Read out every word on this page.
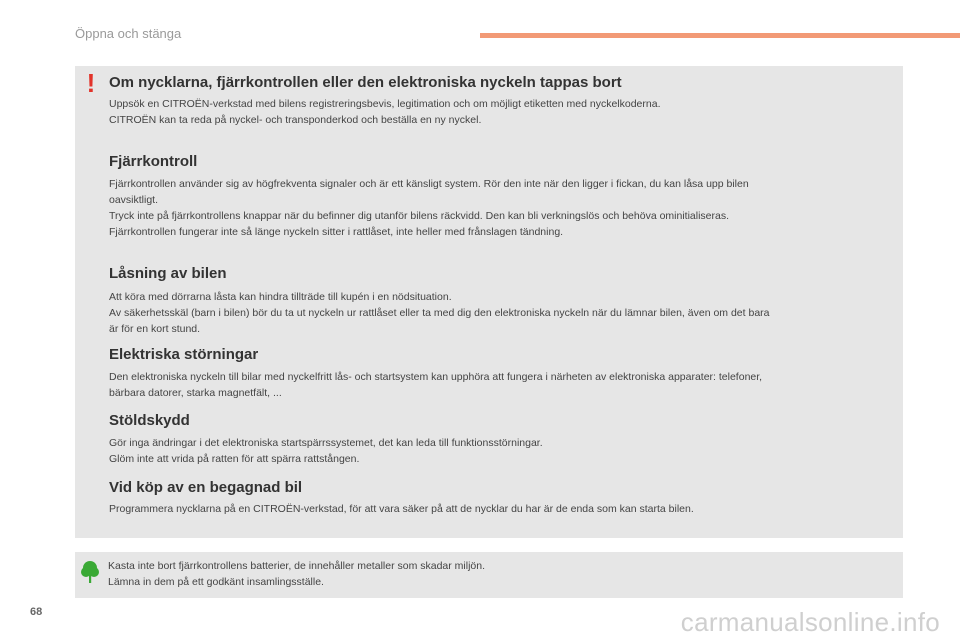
Öppna och stänga
! Om nycklarna, fjärrkontrollen eller den elektroniska nyckeln tappas bort

Uppsök en CITROËN-verkstad med bilens registreringsbevis, legitimation och om möjligt etiketten med nyckelkoderna.
CITROËN kan ta reda på nyckel- och transponderkod och beställa en ny nyckel.

Fjärrkontroll

Fjärrkontrollen använder sig av högfrekventa signaler och är ett känsligt system. Rör den inte när den ligger i fickan, du kan låsa upp bilen
oavsiktligt.
Tryck inte på fjärrkontrollens knappar när du befinner dig utanför bilens räckvidd. Den kan bli verkningslös och behöva ominitialiseras.
Fjärrkontrollen fungerar inte så länge nyckeln sitter i rattlåset, inte heller med frånslagen tändning.

Låsning av bilen

Att köra med dörrarna låsta kan hindra tillträde till kupén i en nödsituation.
Av säkerhetsskäl (barn i bilen) bör du ta ut nyckeln ur rattlåset eller ta med dig den elektroniska nyckeln när du lämnar bilen, även om det bara
är för en kort stund.

Elektriska störningar

Den elektroniska nyckeln till bilar med nyckelfritt lås- och startsystem kan upphöra att fungera i närheten av elektroniska apparater: telefoner,
bärbara datorer, starka magnetfält, ...

Stöldskydd

Gör inga ändringar i det elektroniska startspärrssystemet, det kan leda till funktionsstörningar.
Glöm inte att vrida på ratten för att spärra rattstången.

Vid köp av en begagnad bil

Programmera nycklarna på en CITROËN-verkstad, för att vara säker på att de nycklar du har är de enda som kan starta bilen.

Kasta inte bort fjärrkontrollens batterier, de innehåller metaller som skadar miljön.
Lämna in dem på ett godkänt insamlingsställe.
68	carmanualsonline.info
